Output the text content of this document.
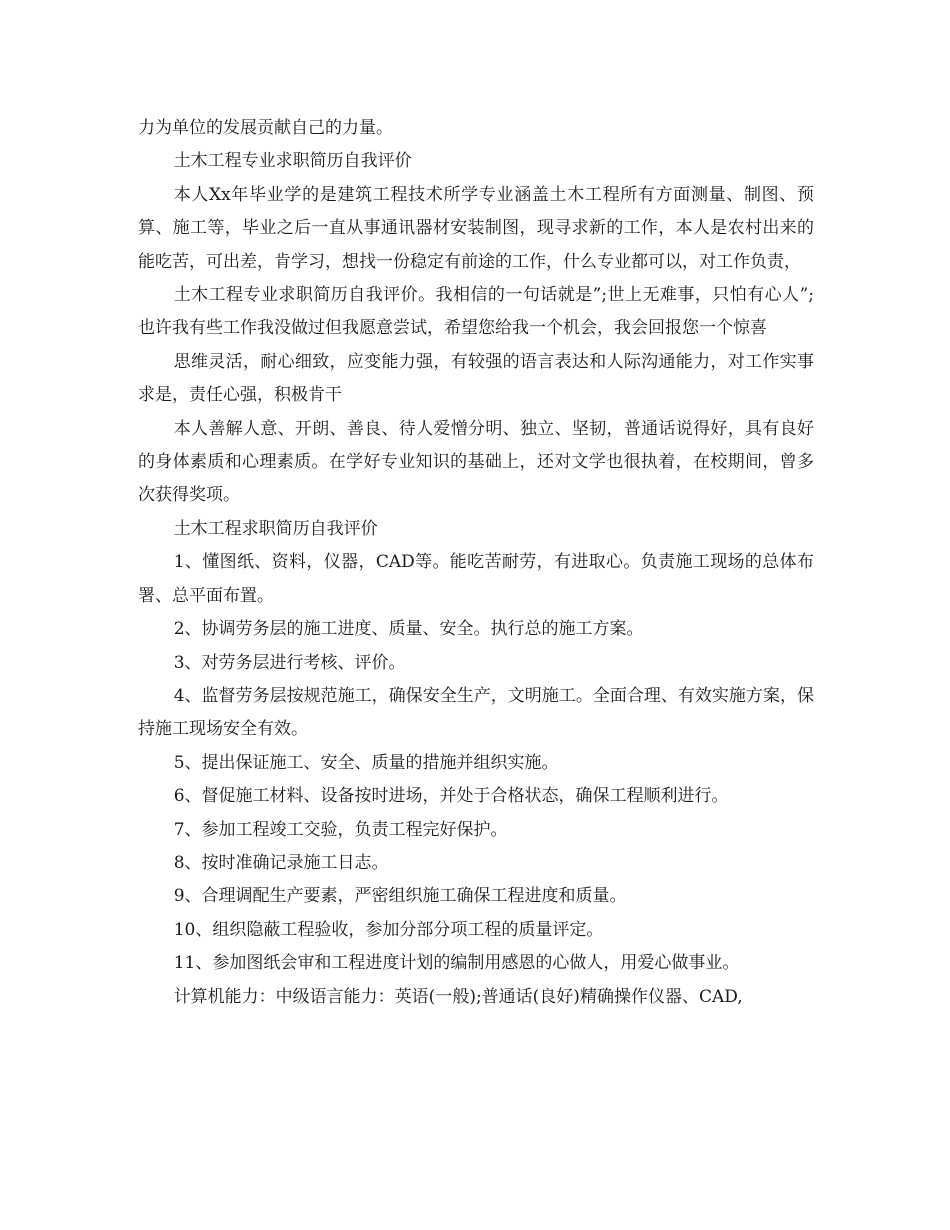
力为单位的发展贡献自己的力量。

土木工程专业求职简历自我评价

本人Xx年毕业学的是建筑工程技术所学专业涵盖土木工程所有方面测量、制图、预算、施工等，毕业之后一直从事通讯器材安装制图，现寻求新的工作，本人是农村出来的能吃苦，可出差，肯学习，想找一份稳定有前途的工作，什么专业都可以，对工作负责，

土木工程专业求职简历自我评价。我相信的一句话就是”;世上无难事，只怕有心人”;也许我有些工作我没做过但我愿意尝试，希望您给我一个机会，我会回报您一个惊喜

思维灵活，耐心细致，应变能力强，有较强的语言表达和人际沟通能力，对工作实事求是，责任心强，积极肯干

本人善解人意、开朗、善良、待人爱憎分明、独立、坚韧，普通话说得好，具有良好的身体素质和心理素质。在学好专业知识的基础上，还对文学也很执着，在校期间，曾多次获得奖项。

土木工程求职简历自我评价

1、懂图纸、资料，仪器，CAD等。能吃苦耐劳，有进取心。负责施工现场的总体布署、总平面布置。

2、协调劳务层的施工进度、质量、安全。执行总的施工方案。

3、对劳务层进行考核、评价。

4、监督劳务层按规范施工，确保安全生产，文明施工。全面合理、有效实施方案，保持施工现场安全有效。

5、提出保证施工、安全、质量的措施并组织实施。

6、督促施工材料、设备按时进场，并处于合格状态，确保工程顺利进行。

7、参加工程竣工交验，负责工程完好保护。

8、按时准确记录施工日志。

9、合理调配生产要素，严密组织施工确保工程进度和质量。

10、组织隐蔽工程验收，参加分部分项工程的质量评定。

11、参加图纸会审和工程进度计划的编制用感恩的心做人，用爱心做事业。

计算机能力：中级语言能力：英语(一般);普通话(良好)精确操作仪器、CAD,
